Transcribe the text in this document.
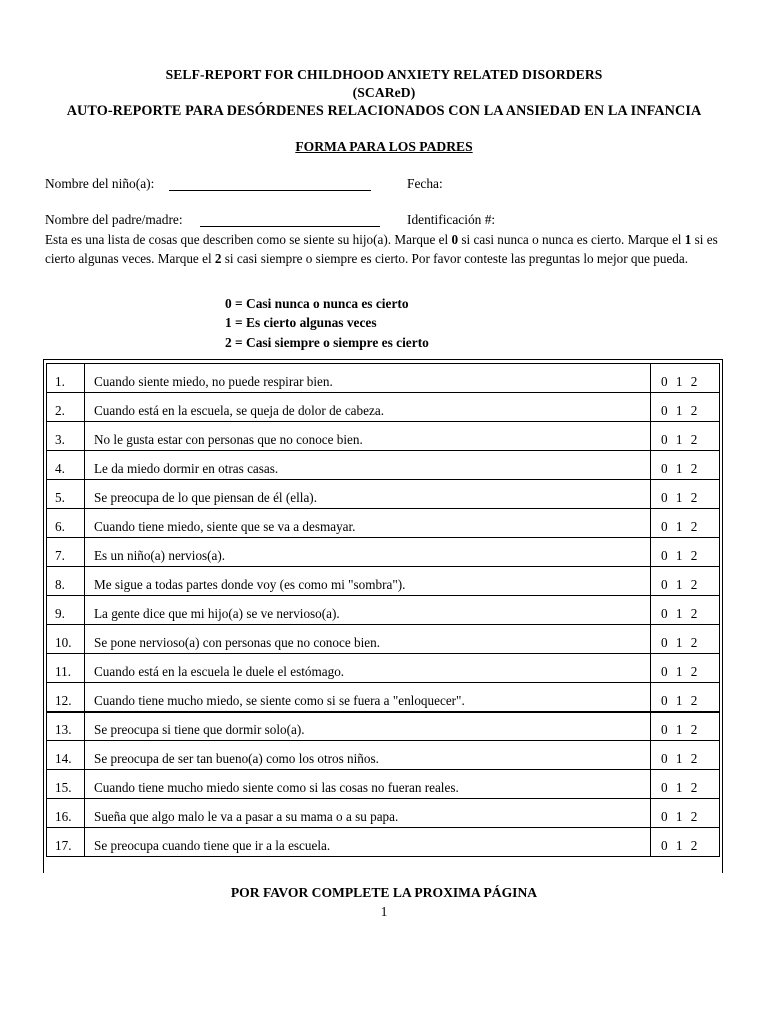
SELF-REPORT FOR CHILDHOOD ANXIETY RELATED DISORDERS
(SCAReD)
AUTO-REPORTE PARA DESÓRDENES RELACIONADOS CON LA ANSIEDAD EN LA INFANCIA
FORMA PARA LOS PADRES
Nombre del niño(a):	Fecha:
Nombre del padre/madre:	Identificación #:
Esta es una lista de cosas que describen como se siente su hijo(a). Marque el 0 si casi nunca o nunca es cierto. Marque el 1 si es cierto algunas veces. Marque el 2 si casi siempre o siempre es cierto. Por favor conteste las preguntas lo mejor que pueda.
0 = Casi nunca o nunca es cierto
1 = Es cierto algunas veces
2 = Casi siempre o siempre es cierto
1.	Cuando siente miedo, no puede respirar bien.	0 1 2
2.	Cuando está en la escuela, se queja de dolor de cabeza.	0 1 2
3.	No le gusta estar con personas que no conoce bien.	0 1 2
4.	Le da miedo dormir en otras casas.	0 1 2
5.	Se preocupa de lo que piensan de él (ella).	0 1 2
6.	Cuando tiene miedo, siente que se va a desmayar.	0 1 2
7.	Es un niño(a) nervios(a).	0 1 2
8.	Me sigue a todas partes donde voy (es como mi "sombra").	0 1 2
9.	La gente dice que mi hijo(a) se ve nervioso(a).	0 1 2
10.	Se pone nervioso(a) con personas que no conoce bien.	0 1 2
11.	Cuando está en la escuela le duele el estómago.	0 1 2
12.	Cuando tiene mucho miedo, se siente como si se fuera a "enloquecer".	0 1 2
13.	Se preocupa si tiene que dormir solo(a).	0 1 2
14.	Se preocupa de ser tan bueno(a) como los otros niños.	0 1 2
15.	Cuando tiene mucho miedo siente como si las cosas no fueran reales.	0 1 2
16.	Sueña que algo malo le va a pasar a su mama o a su papa.	0 1 2
17.	Se preocupa cuando tiene que ir a la escuela.	0 1 2
POR FAVOR COMPLETE LA PROXIMA PÁGINA
1
